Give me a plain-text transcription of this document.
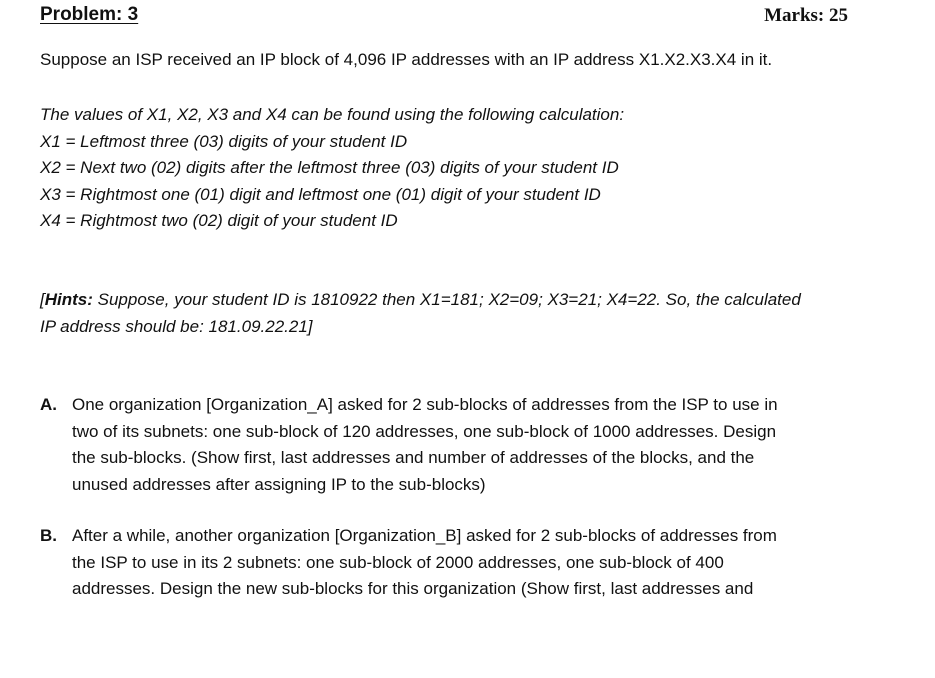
Problem: 3	Marks: 25
Suppose an ISP received an IP block of 4,096 IP addresses with an IP address X1.X2.X3.X4 in it.
The values of X1, X2, X3 and X4 can be found using the following calculation:
X1 = Leftmost three (03) digits of your student ID
X2 = Next two (02) digits after the leftmost three (03) digits of your student ID
X3 = Rightmost one (01) digit and leftmost one (01) digit of your student ID
X4 = Rightmost two (02) digit of your student ID
[Hints: Suppose, your student ID is 1810922 then X1=181; X2=09; X3=21; X4=22. So, the calculated
IP address should be: 181.09.22.21]
A. One organization [Organization_A] asked for 2 sub-blocks of addresses from the ISP to use in
two of its subnets: one sub-block of 120 addresses, one sub-block of 1000 addresses. Design
the sub-blocks. (Show first, last addresses and number of addresses of the blocks, and the
unused addresses after assigning IP to the sub-blocks)
B. After a while, another organization [Organization_B] asked for 2 sub-blocks of addresses from
the ISP to use in its 2 subnets: one sub-block of 2000 addresses, one sub-block of 400
addresses. Design the new sub-blocks for this organization (Show first, last addresses and
